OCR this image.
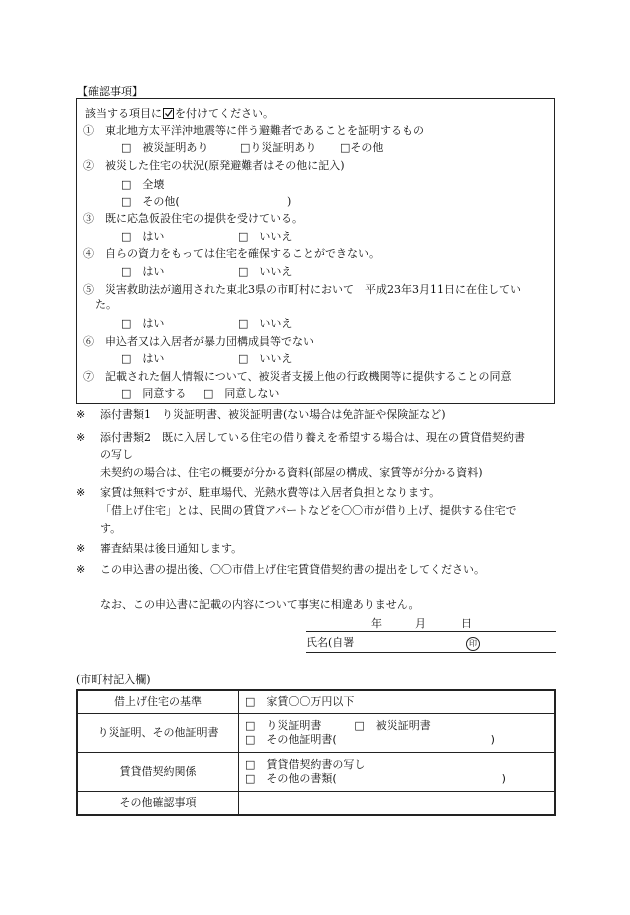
【確認事項】
該当する項目に を付けてください。
①　 東北地方太平洋沖地震等に伴う避難者であることを証明するもの
□　被災証明あり	□り災証明あり □その他
②　 被災した住宅の状況(原発避難者はその他に記入)
□　全壊
□　その他(	)
③　 既に応急仮設住宅の提供を受けている。
□　はい	□　いいえ
④　 自らの資力をもっては住宅を確保することができない。
□　はい	□　いいえ
⑤　 災害救助法が適用された東北3県の市町村において　平成23年3月11日に在住してい
た。
□　はい	□　いいえ
⑥　 申込者又は入居者が暴力団構成員等でない
□　はい	□　いいえ
⑦　 記載された個人情報について、被災者支援上他の行政機関等に提供することの同意
□　同意する □　同意しない
※ 添付書類1　り災証明書、被災証明書(ない場合は免許証や保険証など)
※ 添付書類2　既に入居している住宅の借り養えを希望する場合は、現在の賃貸借契約書
の写し
未契約の場合は、住宅の概要が分かる資料(部屋の構成、家賃等が分かる資料)
※ 家賃は無料ですが、駐車場代、光熱水費等は入居者負担となります。
「借上げ住宅」とは、民間の賃貸アパートなどを〇〇市が借り上げ、提供する住宅で
す。
※ 審査結果は後日通知します。
※ この申込書の提出後、〇〇市借上げ住宅賃貸借契約書の提出をしてください。
なお、この申込書に記載の内容について事実に相違ありません。
年	月	日
氏名(自署	印
(市町村記入欄)
借上げ住宅の基準	□　家賃〇〇万円以下

り災証明、その他証明書	□　り災証明書　　　□　被災証明書
□　その他証明書(　　　　　　　　　　　　　　)

賃貸借契約関係	□　賃貸借契約書の写し
□　その他の書類(　　　　　　　　　　　　　　　)

その他確認事項	
